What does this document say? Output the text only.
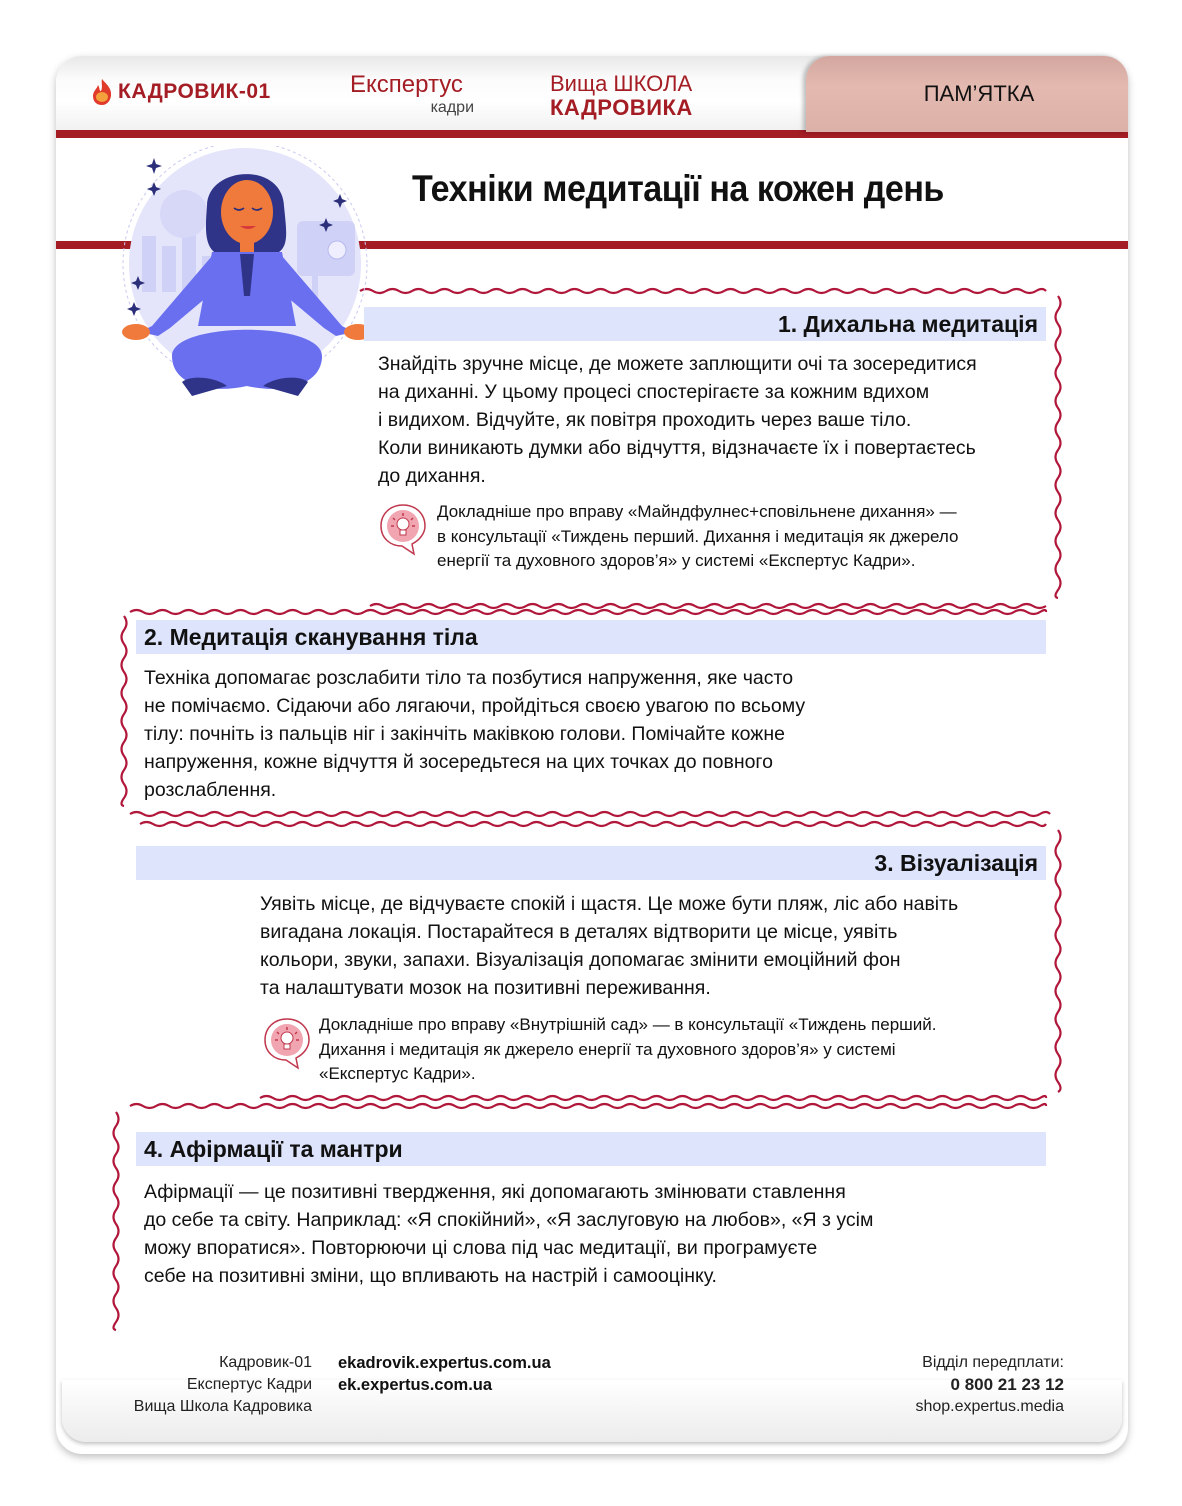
КАДРОВИК-01	Експертус
кадри
Вища ШКОЛА
КАДРОВИКА
ПАМ’ЯТКА
Техніки медитації на кожен день
1. Дихальна медитація
Знайдіть зручне місце, де можете заплющити очі та зосередитися
на диханні. У цьому процесі спостерігаєте за кожним вдихом
і видихом. Відчуйте, як повітря проходить через ваше тіло.
Коли виникають думки або відчуття, відзначаєте їх і повертаєтесь
до дихання.
Докладніше про вправу «Майндфулнес+сповільнене дихання» —
в консультації «Тиждень перший. Дихання і медитація як джерело
енергії та духовного здоров’я» у системі «Експертус Кадри».
2. Медитація сканування тіла
Техніка допомагає розслабити тіло та позбутися напруження, яке часто
не помічаємо. Сідаючи або лягаючи, пройдіться своєю увагою по всьому
тілу: почніть із пальців ніг і закінчіть маківкою голови. Помічайте кожне
напруження, кожне відчуття й зосередьтеся на цих точках до повного
розслаблення.
3. Візуалізація
Уявіть місце, де відчуваєте спокій і щастя. Це може бути пляж, ліс або навіть
вигадана локація. Постарайтеся в деталях відтворити це місце, уявіть
кольори, звуки, запахи. Візуалізація допомагає змінити емоційний фон
та налаштувати мозок на позитивні переживання.
Докладніше про вправу «Внутрішній сад» — в консультації «Тиждень перший.
Дихання і медитація як джерело енергії та духовного здоров’я» у системі
«Експертус Кадри».
4. Афірмації та мантри
Афірмації — це позитивні твердження, які допомагають змінювати ставлення
до себе та світу. Наприклад: «Я спокійний», «Я заслуговую на любов», «Я з усім
можу впоратися». Повторюючи ці слова під час медитації, ви програмуєте
себе на позитивні зміни, що впливають на настрій і самооцінку.
Кадровик-01
Експертус Кадри
Вища Школа Кадровика
ekadrovik.expertus.com.ua
ek.expertus.com.ua
Відділ передплати:
0 800 21 23 12
shop.expertus.media
